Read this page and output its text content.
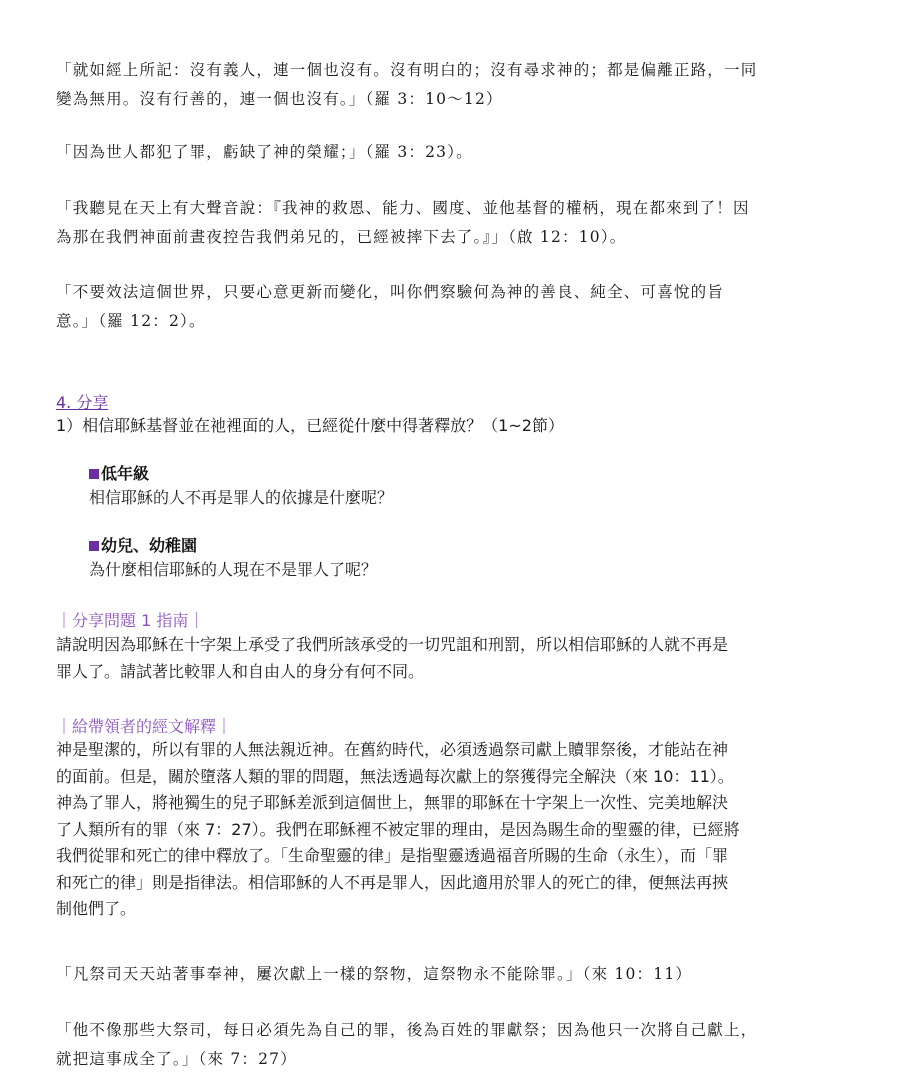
「就如經上所記：沒有義人，連一個也沒有。沒有明白的；沒有尋求神的；都是偏離正路，一同
變為無用。沒有行善的，連一個也沒有。」（羅 3：10～12）
「因為世人都犯了罪，虧缺了神的榮耀；」（羅 3：23）。
「我聽見在天上有大聲音說：『我神的救恩、能力、國度、並他基督的權柄，現在都來到了！因
為那在我們神面前晝夜控告我們弟兄的，已經被摔下去了。』」（啟 12：10）。
「不要效法這個世界，只要心意更新而變化，叫你們察驗何為神的善良、純全、可喜悅的旨
意。」（羅 12：2）。
4. 分享
1）相信耶穌基督並在祂裡面的人，已經從什麼中得著釋放？（1~2節）
低年級
相信耶穌的人不再是罪人的依據是什麼呢？
幼兒、幼稚園
為什麼相信耶穌的人現在不是罪人了呢？
｜分享問題 1 指南｜
請說明因為耶穌在十字架上承受了我們所該承受的一切咒詛和刑罰，所以相信耶穌的人就不再是
罪人了。請試著比較罪人和自由人的身分有何不同。
｜給帶領者的經文解釋｜
神是聖潔的，所以有罪的人無法親近神。在舊約時代，必須透過祭司獻上贖罪祭後，才能站在神
的面前。但是，關於墮落人類的罪的問題，無法透過每次獻上的祭獲得完全解決（來 10：11）。
神為了罪人，將祂獨生的兒子耶穌差派到這個世上，無罪的耶穌在十字架上一次性、完美地解決
了人類所有的罪（來 7：27）。我們在耶穌裡不被定罪的理由，是因為賜生命的聖靈的律，已經將
我們從罪和死亡的律中釋放了。「生命聖靈的律」是指聖靈透過福音所賜的生命（永生），而「罪
和死亡的律」則是指律法。相信耶穌的人不再是罪人，因此適用於罪人的死亡的律，便無法再挾
制他們了。
「凡祭司天天站著事奉神，屢次獻上一樣的祭物，這祭物永不能除罪。」（來 10：11）
「他不像那些大祭司，每日必須先為自己的罪，後為百姓的罪獻祭；因為他只一次將自己獻上，
就把這事成全了。」（來 7：27）
